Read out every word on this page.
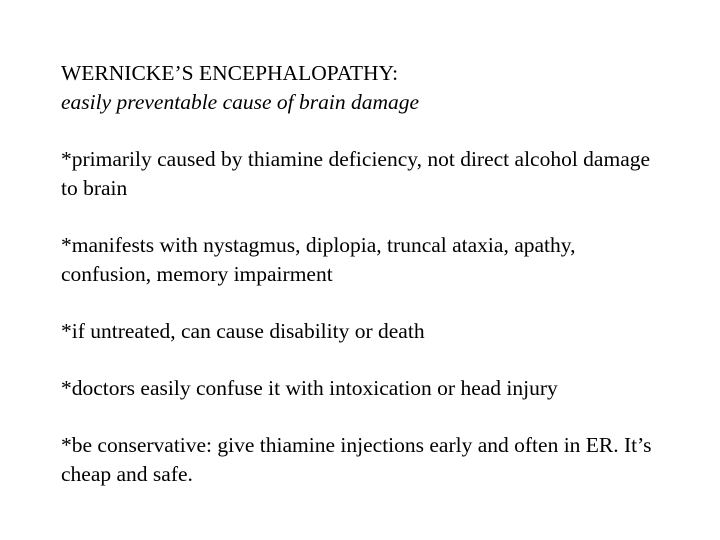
WERNICKE’S ENCEPHALOPATHY:

easily preventable cause of brain damage

*primarily caused by thiamine deficiency, not direct alcohol damage to brain

*manifests with nystagmus, diplopia, truncal ataxia, apathy, confusion, memory impairment

*if untreated, can cause disability or death

*doctors easily confuse it with intoxication or head injury

*be conservative: give thiamine injections early and often in ER. It’s cheap and safe.
